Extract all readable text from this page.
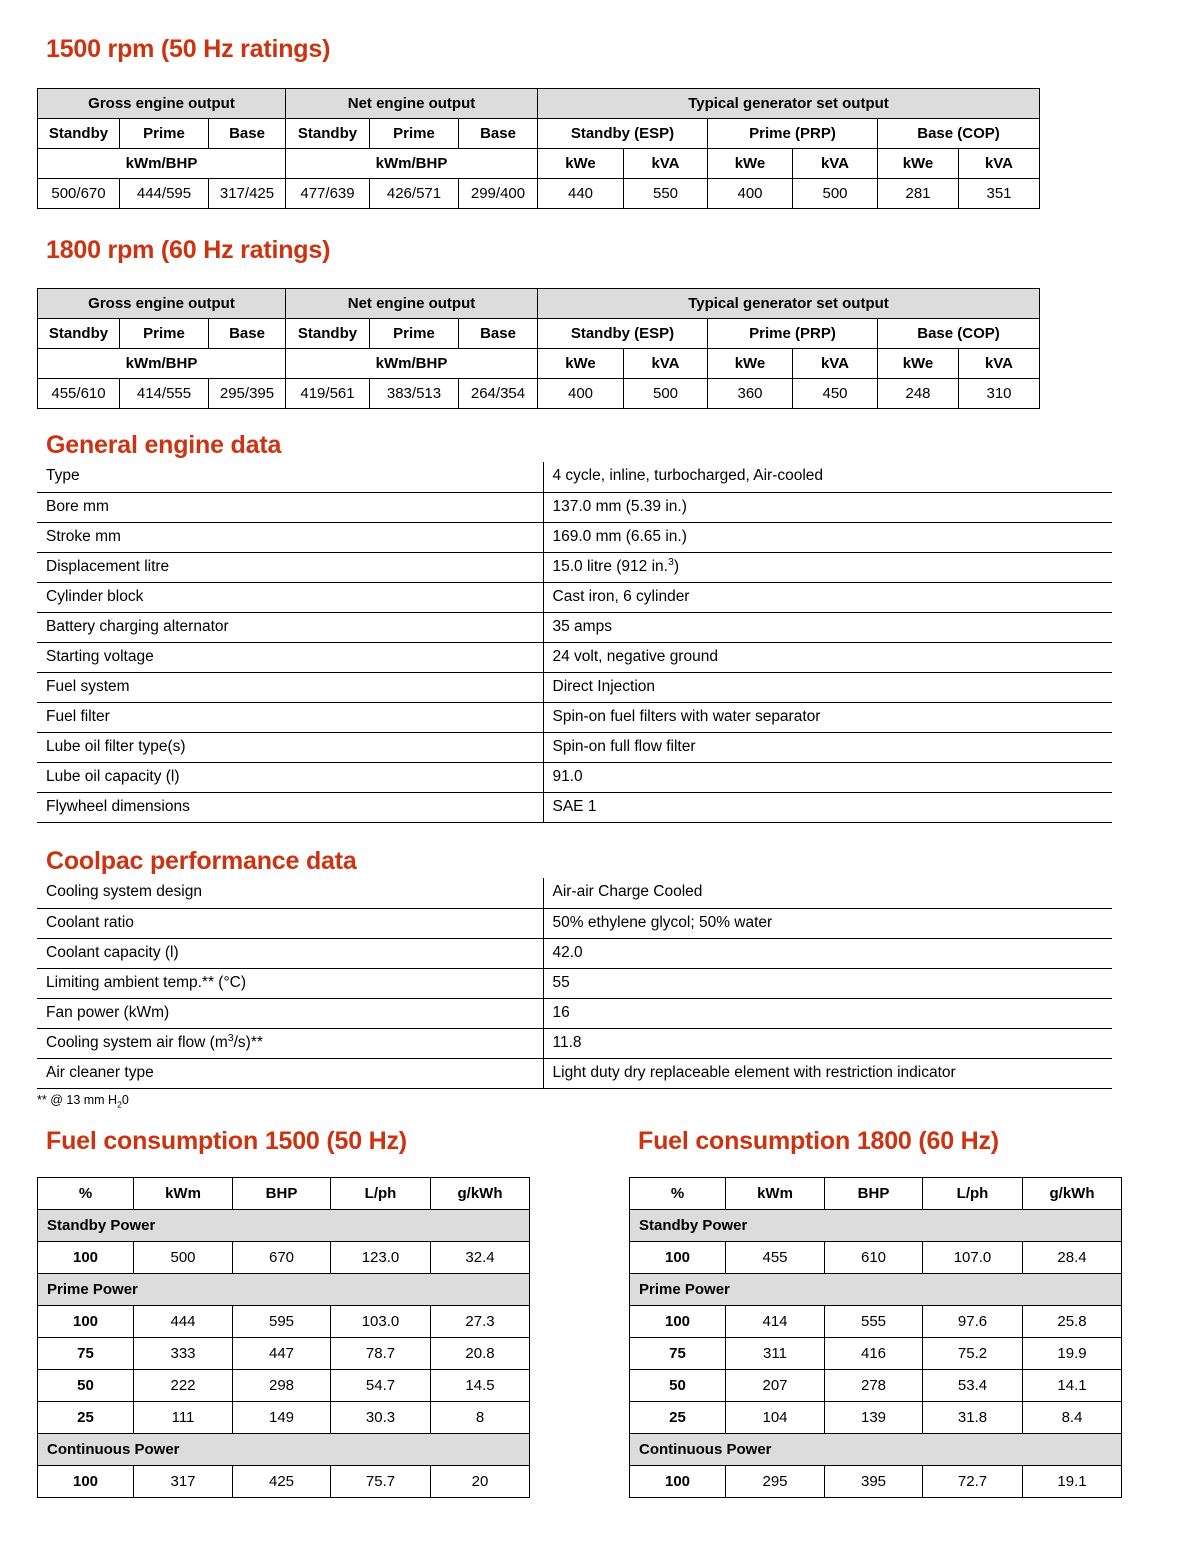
1500 rpm (50 Hz ratings)
Gross engine output			Net engine output			Typical generator set output					
Standby	Prime	Base	Standby	Prime	Base	Standby (ESP)		Prime (PRP)		Base (COP)	
kWm/BHP			kWm/BHP			kWe	kVA	kWe	kVA	kWe	kVA
500/670	444/595	317/425	477/639	426/571	299/400	440	550	400	500	281	351
1800 rpm (60 Hz ratings)
Gross engine output			Net engine output			Typical generator set output					
Standby	Prime	Base	Standby	Prime	Base	Standby (ESP)		Prime (PRP)		Base (COP)	
kWm/BHP			kWm/BHP			kWe	kVA	kWe	kVA	kWe	kVA
455/610	414/555	295/395	419/561	383/513	264/354	400	500	360	450	248	310
General engine data
Type	4 cycle, inline, turbocharged, Air-cooled
Bore mm	137.0 mm (5.39 in.)
Stroke mm	169.0 mm (6.65 in.)
Displacement litre	15.0 litre (912 in.$^3$)
Cylinder block	Cast iron, 6 cylinder
Battery charging alternator	35 amps
Starting voltage	24 volt, negative ground
Fuel system	Direct Injection
Fuel filter	Spin-on fuel filters with water separator
Lube oil filter type(s)	Spin-on full flow filter
Lube oil capacity (l)	91.0
Flywheel dimensions	SAE 1
Coolpac performance data
Cooling system design	Air-air Charge Cooled
Coolant ratio	50% ethylene glycol; 50% water
Coolant capacity (l)	42.0
Limiting ambient temp.** (°C)	55
Fan power (kWm)	16
Cooling system air flow $(m^3/s)**$	11.8
Air cleaner type	Light duty dry replaceable element with restriction indicator
** @ 13 mm $H_20$
Fuel consumption 1500 (50 Hz)
%	kWm	BHP	L/ph	g/kWh
Standby Power				
100	500	670	123.0	32.4
Prime Power				
100	444	595	103.0	27.3
75	333	447	78.7	20.8
50	222	298	54.7	14.5
25	111	149	30.3	8
Continuous Power				
100	317	425	75.7	20
Fuel consumption 1800 (60 Hz)
%	kWm	BHP	L/ph	g/kWh
Standby Power				
100	455	610	107.0	28.4
Prime Power				
100	414	555	97.6	25.8
75	311	416	75.2	19.9
50	207	278	53.4	14.1
25	104	139	31.8	8.4
Continuous Power				
100	295	395	72.7	19.1
